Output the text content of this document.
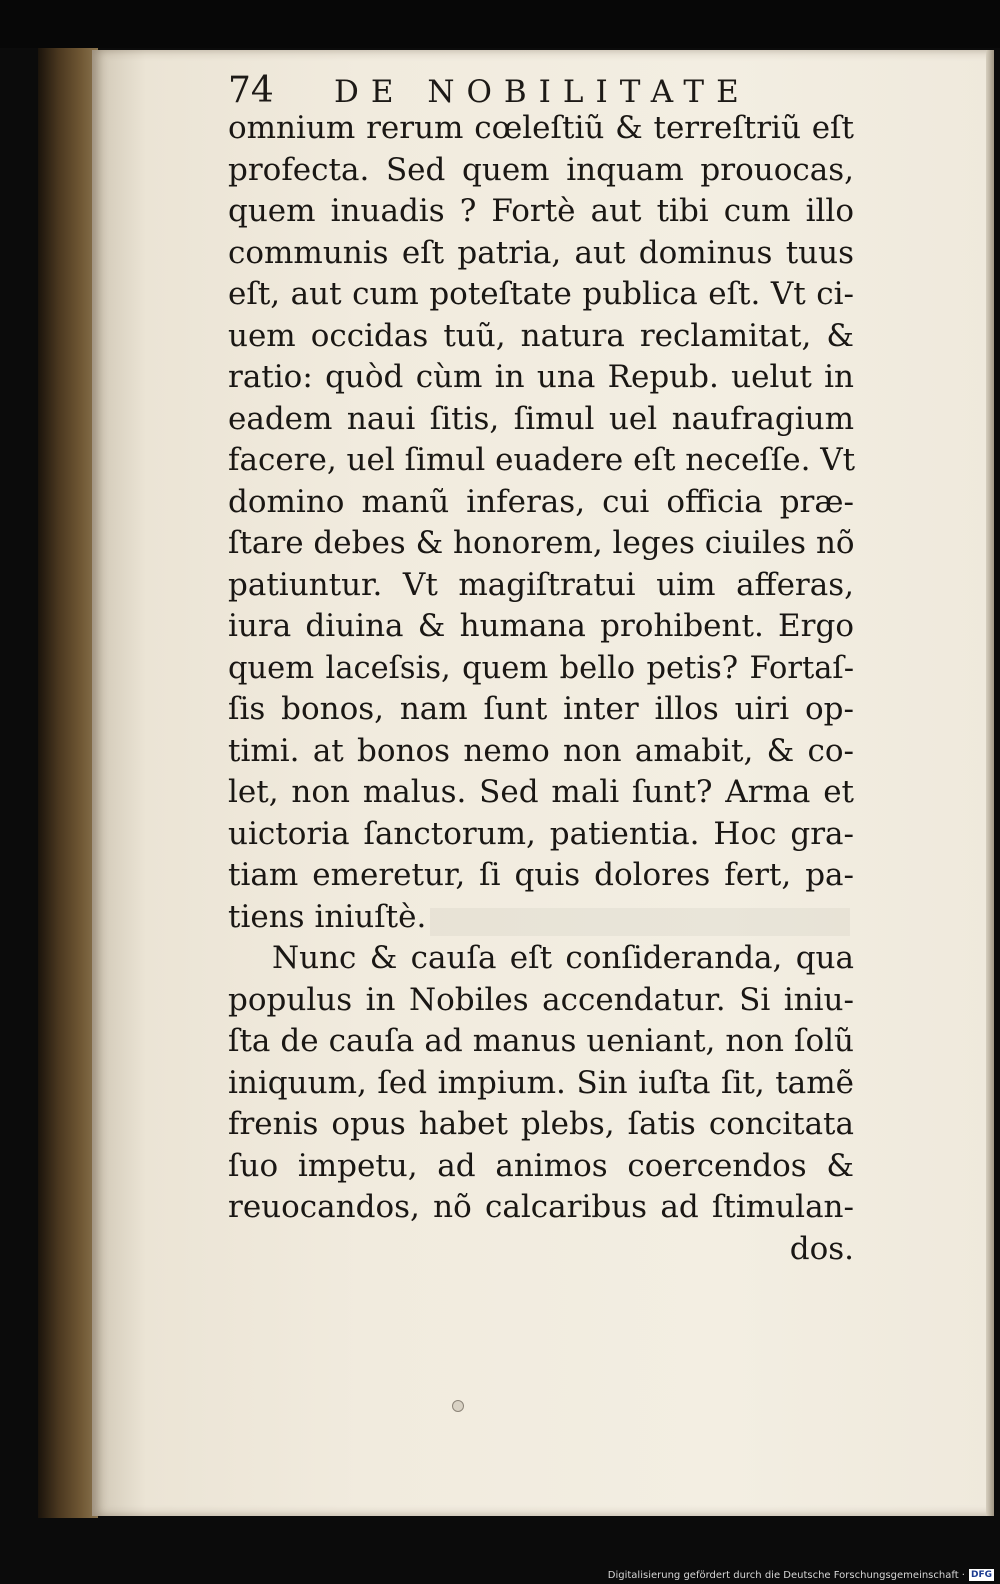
74	DE NOBILITATE
omnium rerum cœleſtiũ & terreſtriũ eſt
profecta. Sed quem inquam prouocas,
quem inuadis ? Fortè aut tibi cum illo
communis eſt patria, aut dominus tuus
eſt, aut cum poteſtate publica eſt. Vt ci-
uem occidas tuũ, natura reclamitat, &
ratio: quòd cùm in una Repub. uelut in
eadem naui ſitis, ſimul uel naufragium
facere, uel ſimul euadere eſt neceſſe. Vt
domino manũ inferas, cui officia præ-
ſtare debes & honorem, leges ciuiles nõ
patiuntur. Vt magiſtratui uim afferas,
iura diuina & humana prohibent. Ergo
quem laceſsis, quem bello petis? Fortaſ-
ſis bonos, nam ſunt inter illos uiri op-
timi. at bonos nemo non amabit, & co-
let, non malus. Sed mali ſunt? Arma et
uictoria ſanctorum, patientia. Hoc gra-
tiam emeretur, ſi quis dolores fert, pa-
tiens iniuſtè.
Nunc & cauſa eſt conſideranda, qua
populus in Nobiles accendatur. Si iniu-
ſta de cauſa ad manus ueniant, non ſolũ
iniquum, ſed impium. Sin iuſta ſit, tamẽ
frenis opus habet plebs, ſatis concitata
ſuo impetu, ad animos coercendos &
reuocandos, nõ calcaribus ad ſtimulan-
dos.
Digitalisierung gefördert durch die Deutsche Forschungsgemeinschaft · DFG
